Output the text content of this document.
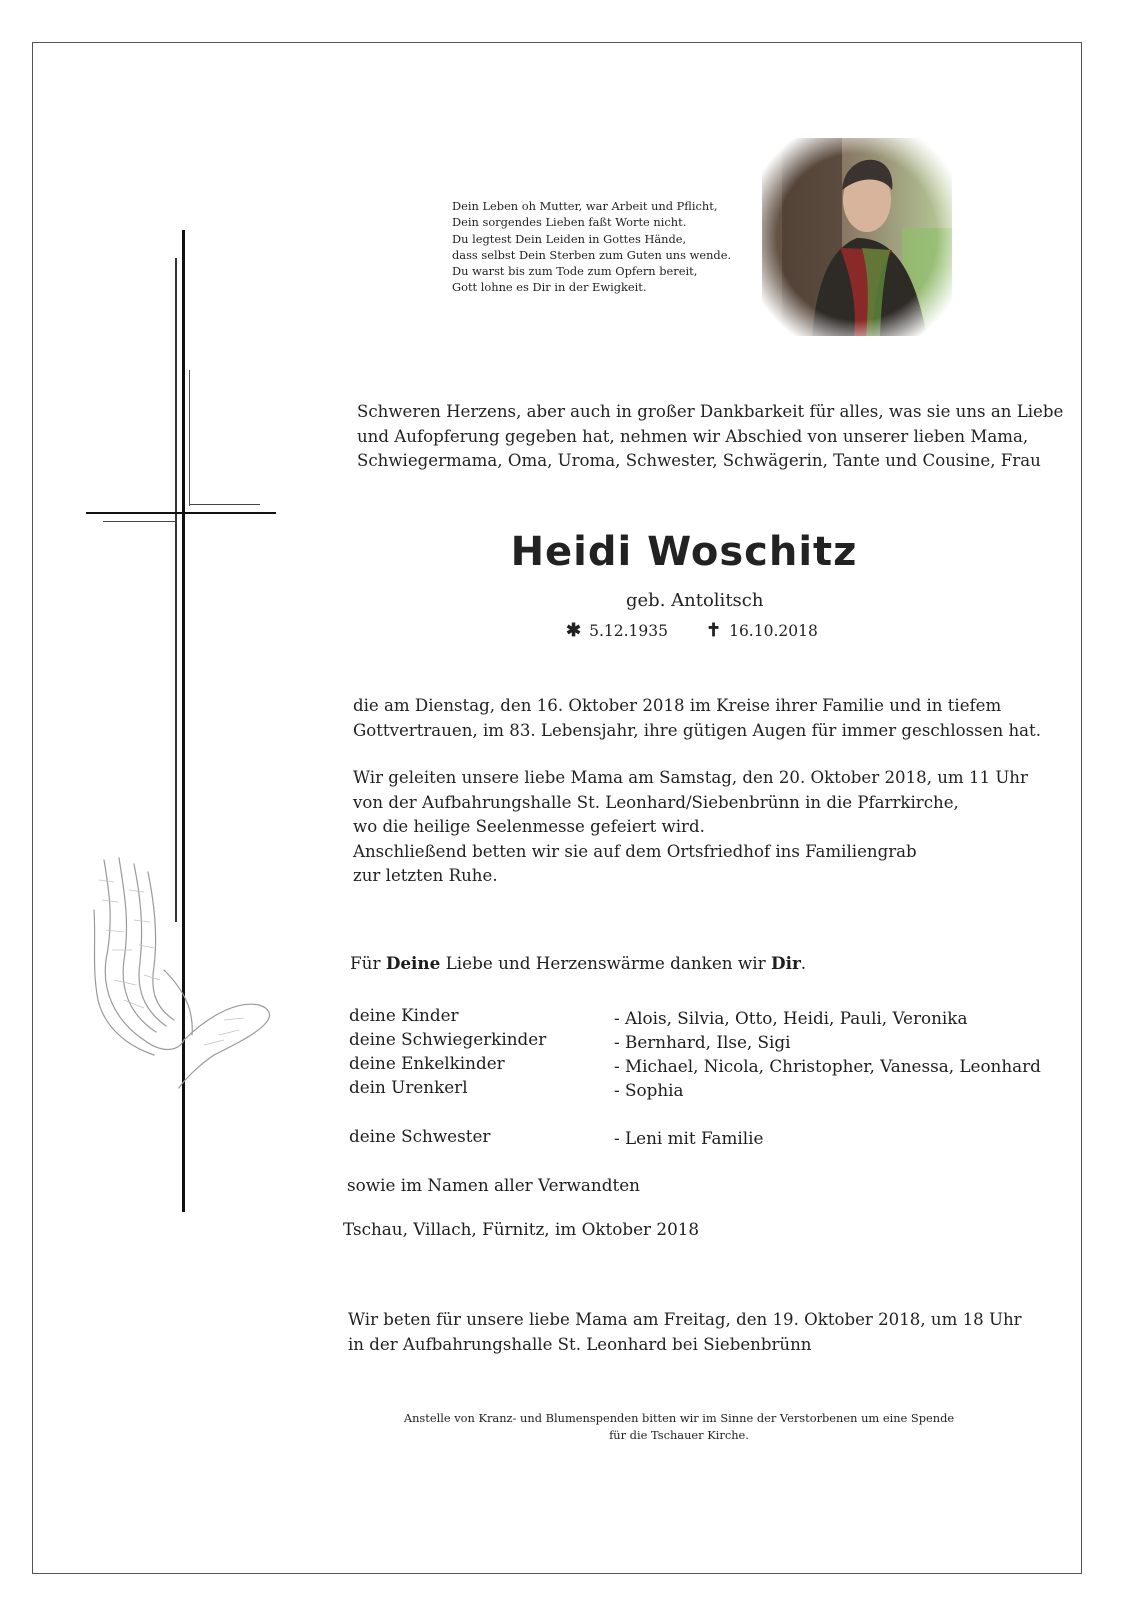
Dein Leben oh Mutter, war Arbeit und Pflicht,
Dein sorgendes Lieben faßt Worte nicht.
Du legtest Dein Leiden in Gottes Hände,
dass selbst Dein Sterben zum Guten uns wende.
Du warst bis zum Tode zum Opfern bereit,
Gott lohne es Dir in der Ewigkeit.
Schweren Herzens, aber auch in großer Dankbarkeit für alles, was sie uns an Liebe
und Aufopferung gegeben hat, nehmen wir Abschied von unserer lieben Mama,
Schwiegermama, Oma, Uroma, Schwester, Schwägerin, Tante und Cousine, Frau
Heidi Woschitz
geb. Antolitsch
✱ 5.12.1935 ✝ 16.10.2018
die am Dienstag, den 16. Oktober 2018 im Kreise ihrer Familie und in tiefem
Gottvertrauen, im 83. Lebensjahr, ihre gütigen Augen für immer geschlossen hat.
Wir geleiten unsere liebe Mama am Samstag, den 20. Oktober 2018, um 11 Uhr
von der Aufbahrungshalle St. Leonhard/Siebenbrünn in die Pfarrkirche,
wo die heilige Seelenmesse gefeiert wird.
Anschließend betten wir sie auf dem Ortsfriedhof ins Familiengrab
zur letzten Ruhe.
Für Deine Liebe und Herzenswärme danken wir Dir.
deine Kinder	- Alois, Silvia, Otto, Heidi, Pauli, Veronika
deine Schwiegerkinder	- Bernhard, Ilse, Sigi
deine Enkelkinder	- Michael, Nicola, Christopher, Vanessa, Leonhard
dein Urenkerl	- Sophia
deine Schwester	- Leni mit Familie
sowie im Namen aller Verwandten
Tschau, Villach, Fürnitz, im Oktober 2018
Wir beten für unsere liebe Mama am Freitag, den 19. Oktober 2018, um 18 Uhr
in der Aufbahrungshalle St. Leonhard bei Siebenbrünn
Anstelle von Kranz- und Blumenspenden bitten wir im Sinne der Verstorbenen um eine Spende
für die Tschauer Kirche.
